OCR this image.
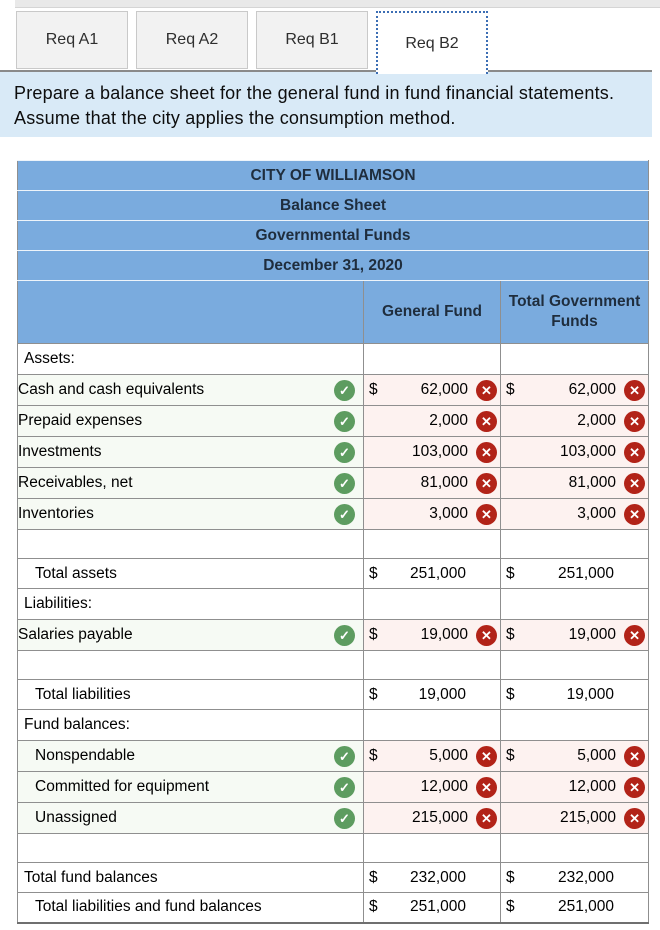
Req A1	Req A2	Req B1	Req B2
Prepare a balance sheet for the general fund in fund financial statements.
Assume that the city applies the consumption method.
CITY OF WILLIAMSON		
Balance Sheet		
Governmental Funds		
December 31, 2020		
	General Fund	Total Government Funds

Assets:		

Cash and cash equivalents ✓	$ 62,000 ✕	$ 62,000 ✕

Prepaid expenses ✓	2,000 ✕	2,000 ✕

Investments ✓	103,000 ✕	103,000 ✕

Receivables, net ✓	81,000 ✕	81,000 ✕

Inventories ✓	3,000 ✕	3,000 ✕

Total assets	$ 251,000	$ 251,000

Liabilities:		

Salaries payable ✓	$ 19,000 ✕	$ 19,000 ✕

Total liabilities	$ 19,000	$ 19,000

Fund balances:		

Nonspendable ✓	$ 5,000 ✕	$ 5,000 ✕

Committed for equipment ✓	12,000 ✕	12,000 ✕

Unassigned ✓	215,000 ✕	215,000 ✕

Total fund balances	$ 232,000	$ 232,000

Total liabilities and fund balances	$ 251,000	$ 251,000
